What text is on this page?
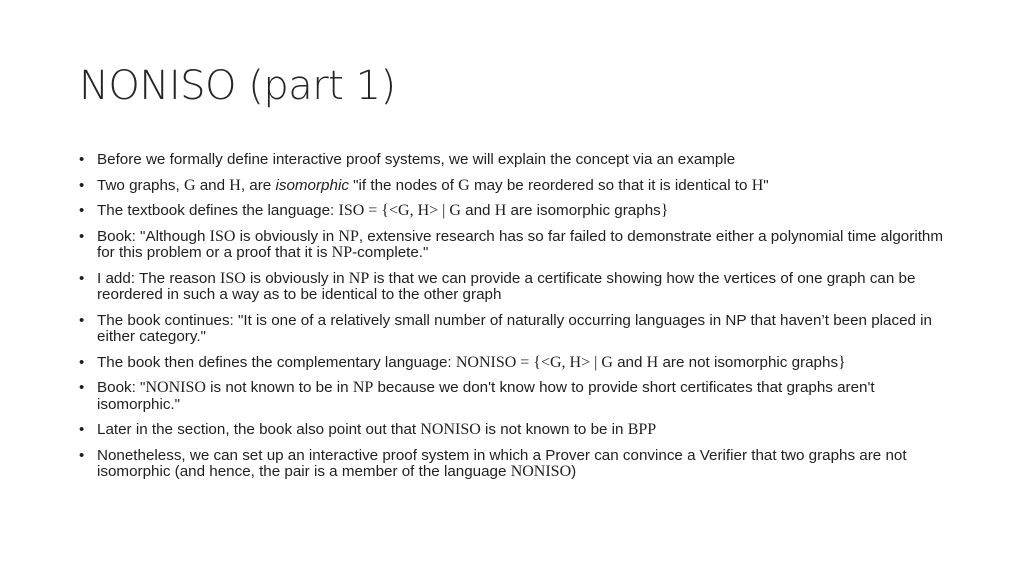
NONISO (part 1)
• Before we formally define interactive proof systems, we will explain the concept via an example
• Two graphs, G and H, are isomorphic "if the nodes of G may be reordered so that it is identical to H"
• The textbook defines the language: ISO = {<G, H> | G and H are isomorphic graphs}
• Book: "Although ISO is obviously in NP, extensive research has so far failed to demonstrate either a polynomial time algorithm for this problem or a proof that it is NP-complete."
• I add: The reason ISO is obviously in NP is that we can provide a certificate showing how the vertices of one graph can be reordered in such a way as to be identical to the other graph
• The book continues: "It is one of a relatively small number of naturally occurring languages in NP that haven’t been placed in either category."
• The book then defines the complementary language: NONISO = {<G, H> | G and H are not isomorphic graphs}
• Book: "NONISO is not known to be in NP because we don't know how to provide short certificates that graphs aren't isomorphic."
• Later in the section, the book also point out that NONISO is not known to be in BPP
• Nonetheless, we can set up an interactive proof system in which a Prover can convince a Verifier that two graphs are not isomorphic (and hence, the pair is a member of the language NONISO)
